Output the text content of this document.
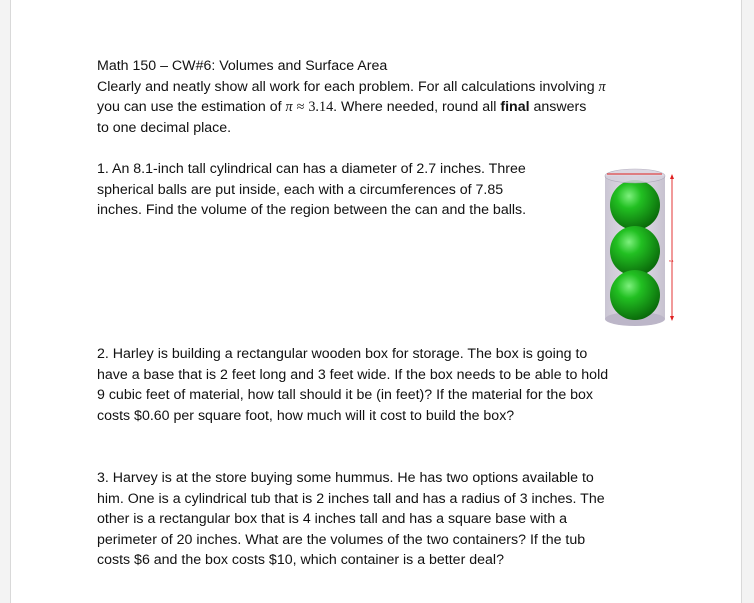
Math 150 – CW#6: Volumes and Surface Area
Clearly and neatly show all work for each problem. For all calculations involving π
you can use the estimation of π ≈ 3.14. Where needed, round all final answers
to one decimal place.
1. An 8.1-inch tall cylindrical can has a diameter of 2.7 inches. Three
spherical balls are put inside, each with a circumferences of 7.85
inches. Find the volume of the region between the can and the balls.
8.1
2. Harley is building a rectangular wooden box for storage. The box is going to
have a base that is 2 feet long and 3 feet wide. If the box needs to be able to hold
9 cubic feet of material, how tall should it be (in feet)? If the material for the box
costs $0.60 per square foot, how much will it cost to build the box?
3. Harvey is at the store buying some hummus. He has two options available to
him. One is a cylindrical tub that is 2 inches tall and has a radius of 3 inches. The
other is a rectangular box that is 4 inches tall and has a square base with a
perimeter of 20 inches. What are the volumes of the two containers? If the tub
costs $6 and the box costs $10, which container is a better deal?
